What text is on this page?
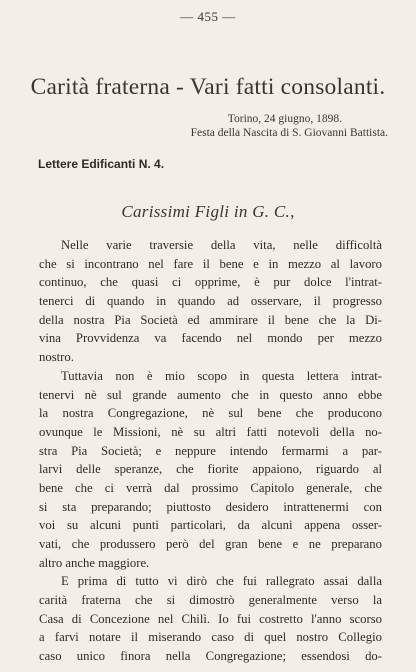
— 455 —
Carità fraterna - Vari fatti consolanti.
Torino, 24 giugno, 1898.
Festa della Nascita di S. Giovanni Battista.
Lettere Edificanti N. 4.
Carissimi Figli in G. C.,
Nelle varie traversie della vita, nelle difficoltà
che si incontrano nel fare il bene e in mezzo al lavoro
continuo, che quasi ci opprime, è pur dolce l'intrat-
tenerci di quando in quando ad osservare, il progresso
della nostra Pia Società ed ammirare il bene che la Di-
vina Provvidenza va facendo nel mondo per mezzo
nostro.
Tuttavia non è mio scopo in questa lettera intrat-
tenervi nè sul grande aumento che in questo anno ebbe
la nostra Congregazione, nè sul bene che producono
ovunque le Missioni, nè su altri fatti notevoli della no-
stra Pia Società; e neppure intendo fermarmi a par-
larvi delle speranze, che fiorite appaiono, riguardo al
bene che ci verrà dal prossimo Capitolo generale, che
si sta preparando; piuttosto desidero intrattenermi con
voi su alcuni punti particolari, da alcuni appena osser-
vati, che produssero però del gran bene e ne preparano
altro anche maggiore.
E prima di tutto vi dirò che fui rallegrato assai dalla
carità fraterna che si dimostrò generalmente verso la
Casa di Concezione nel Chilì. Io fui costretto l'anno scorso
a farvi notare il miserando caso di quel nostro Collegio
caso unico finora nella Congregazione; essendosi do-
